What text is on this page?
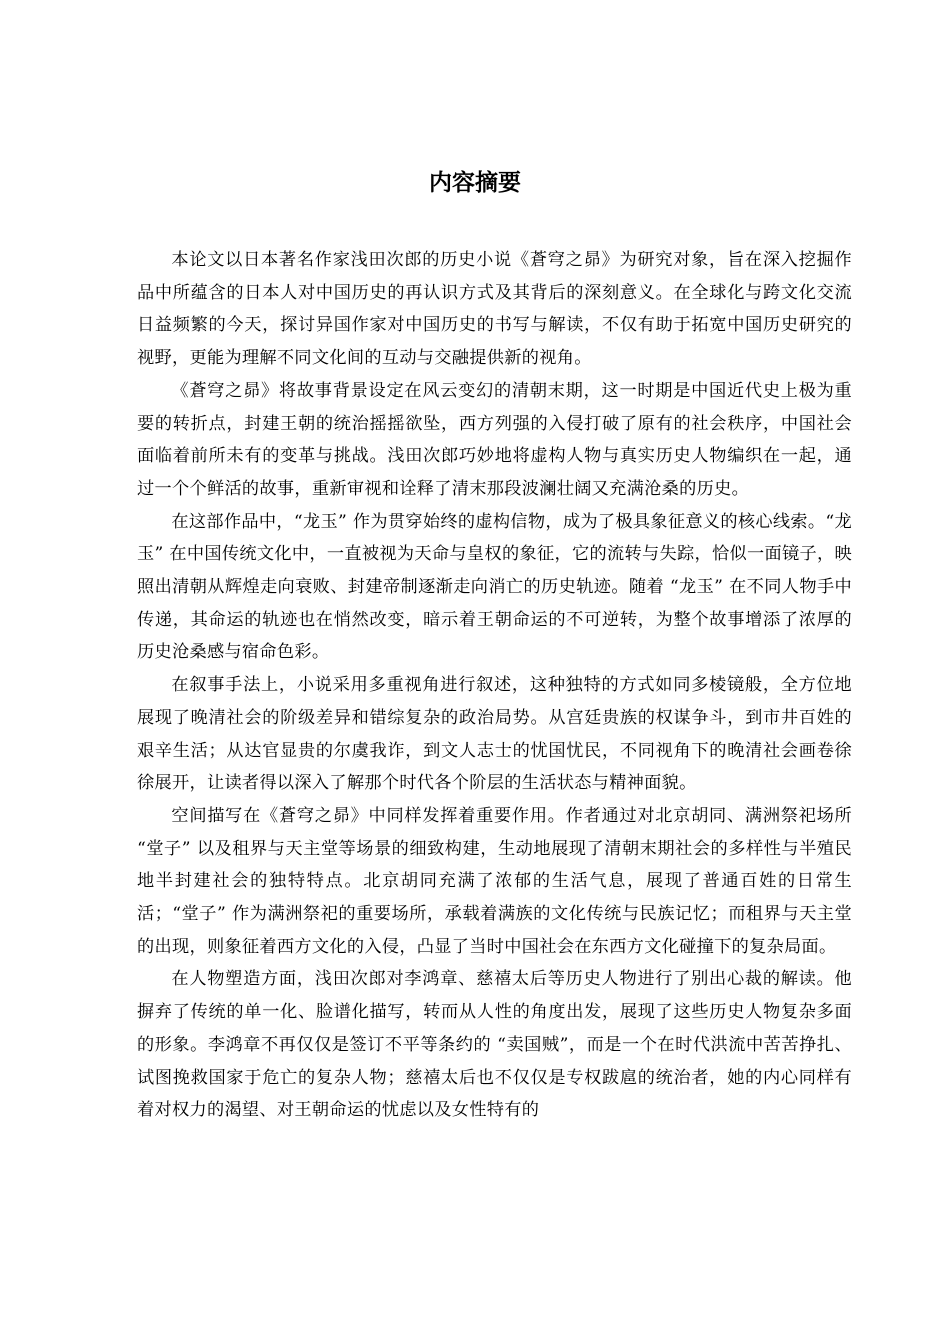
内容摘要

本论文以日本著名作家浅田次郎的历史小说《蒼穹之昴》为研究对象，旨在深入挖掘作品中所蕴含的日本人对中国历史的再认识方式及其背后的深刻意义。在全球化与跨文化交流日益频繁的今天，探讨异国作家对中国历史的书写与解读，不仅有助于拓宽中国历史研究的视野，更能为理解不同文化间的互动与交融提供新的视角。

《蒼穹之昴》将故事背景设定在风云变幻的清朝末期，这一时期是中国近代史上极为重要的转折点，封建王朝的统治摇摇欲坠，西方列强的入侵打破了原有的社会秩序，中国社会面临着前所未有的变革与挑战。浅田次郎巧妙地将虚构人物与真实历史人物编织在一起，通过一个个鲜活的故事，重新审视和诠释了清末那段波澜壮阔又充满沧桑的历史。

在这部作品中，“龙玉” 作为贯穿始终的虚构信物，成为了极具象征意义的核心线索。“龙玉” 在中国传统文化中，一直被视为天命与皇权的象征，它的流转与失踪，恰似一面镜子，映照出清朝从辉煌走向衰败、封建帝制逐渐走向消亡的历史轨迹。随着 “龙玉” 在不同人物手中传递，其命运的轨迹也在悄然改变，暗示着王朝命运的不可逆转，为整个故事增添了浓厚的历史沧桑感与宿命色彩。

在叙事手法上，小说采用多重视角进行叙述，这种独特的方式如同多棱镜般，全方位地展现了晚清社会的阶级差异和错综复杂的政治局势。从宫廷贵族的权谋争斗，到市井百姓的艰辛生活；从达官显贵的尔虞我诈，到文人志士的忧国忧民，不同视角下的晚清社会画卷徐徐展开，让读者得以深入了解那个时代各个阶层的生活状态与精神面貌。

空间描写在《蒼穹之昴》中同样发挥着重要作用。作者通过对北京胡同、满洲祭祀场所 “堂子” 以及租界与天主堂等场景的细致构建，生动地展现了清朝末期社会的多样性与半殖民地半封建社会的独特特点。北京胡同充满了浓郁的生活气息，展现了普通百姓的日常生活；“堂子” 作为满洲祭祀的重要场所，承载着满族的文化传统与民族记忆；而租界与天主堂的出现，则象征着西方文化的入侵，凸显了当时中国社会在东西方文化碰撞下的复杂局面。

在人物塑造方面，浅田次郎对李鸿章、慈禧太后等历史人物进行了别出心裁的解读。他摒弃了传统的单一化、脸谱化描写，转而从人性的角度出发，展现了这些历史人物复杂多面的形象。李鸿章不再仅仅是签订不平等条约的 “卖国贼”，而是一个在时代洪流中苦苦挣扎、试图挽救国家于危亡的复杂人物；慈禧太后也不仅仅是专权跋扈的统治者，她的内心同样有着对权力的渴望、对王朝命运的忧虑以及女性特有的
